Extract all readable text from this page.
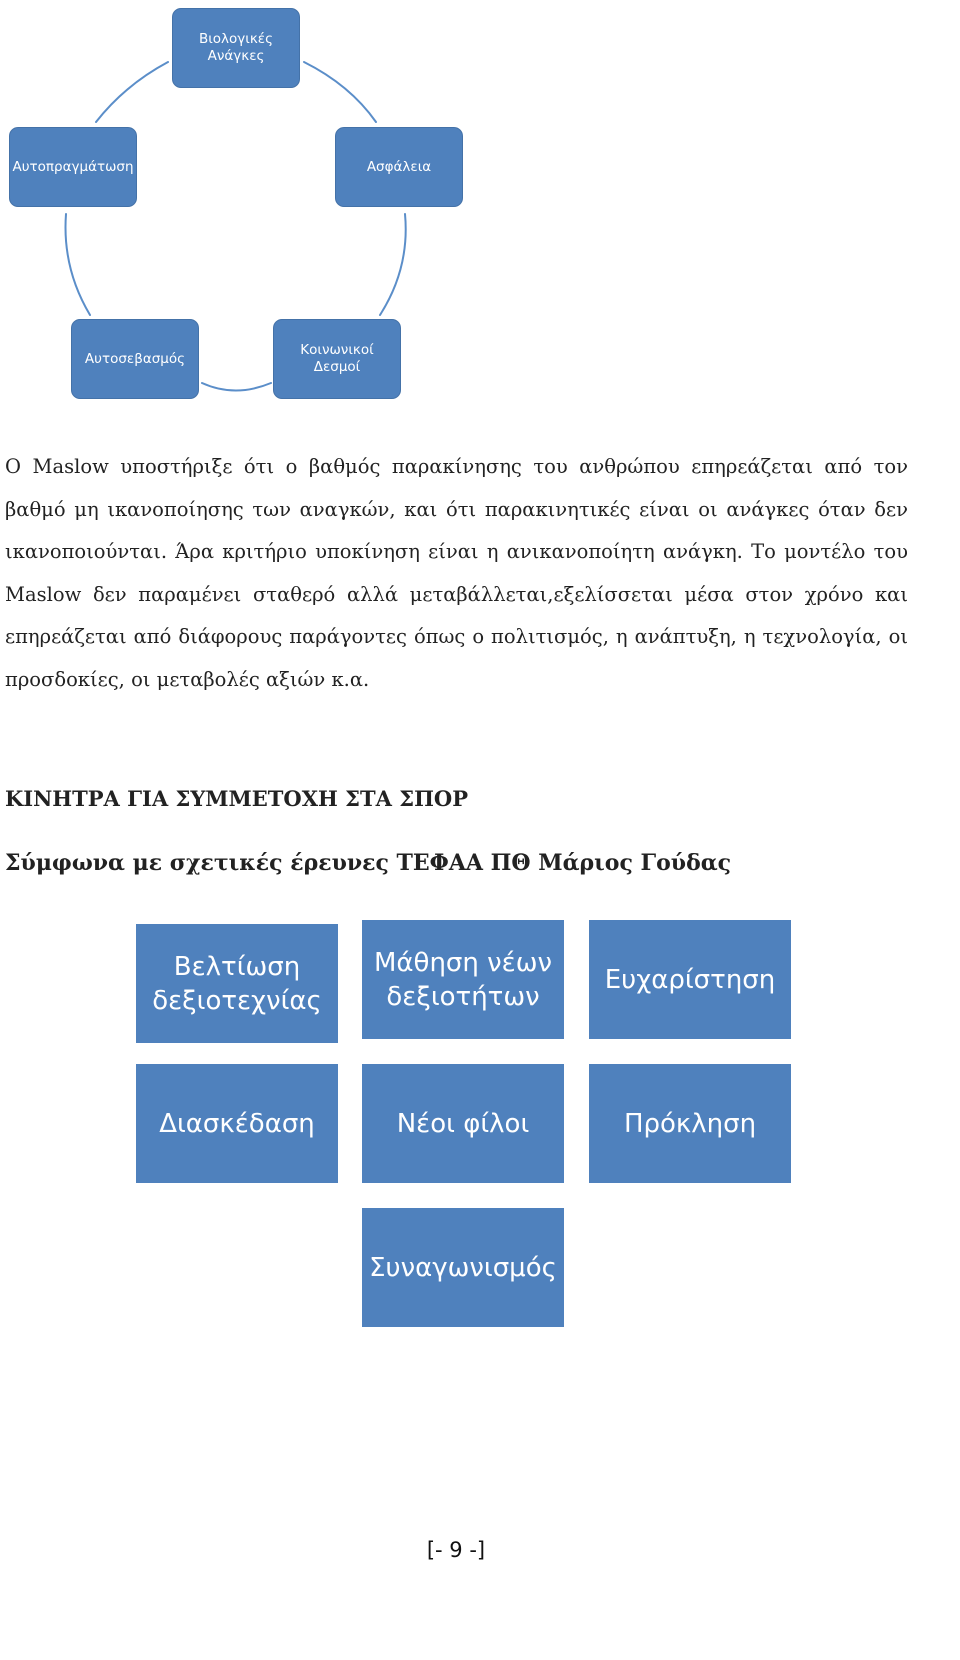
Βιολογικές Ανάγκες
Ασφάλεια
Κοινωνικοί Δεσμοί
Αυτοσεβασμός
Αυτοπραγμάτωση

Ο Maslow υποστήριξε ότι ο βαθμός παρακίνησης του ανθρώπου επηρεάζεται από τον βαθμό μη ικανοποίησης των αναγκών, και ότι παρακινητικές είναι οι ανάγκες όταν δεν ικανοποιούνται. Άρα κριτήριο υποκίνηση είναι η ανικανοποίητη ανάγκη. Το μοντέλο του Maslow δεν παραμένει σταθερό αλλά μεταβάλλεται,εξελίσσεται μέσα στον χρόνο και επηρεάζεται από διάφορους παράγοντες όπως ο πολιτισμός, η ανάπτυξη, η τεχνολογία, οι προσδοκίες, οι μεταβολές αξιών κ.α.

ΚΙΝΗΤΡΑ ΓΙΑ ΣΥΜΜΕΤΟΧΗ ΣΤΑ ΣΠΟΡ
Σύμφωνα με σχετικές έρευνες ΤΕΦΑΑ ΠΘ Μάριος Γούδας
Βελτίωση δεξιοτεχνίας
Μάθηση νέων δεξιοτήτων
Ευχαρίστηση
Διασκέδαση	Νέοι φίλοι	Πρόκληση
Συναγωνισμός
[- 9 -]
